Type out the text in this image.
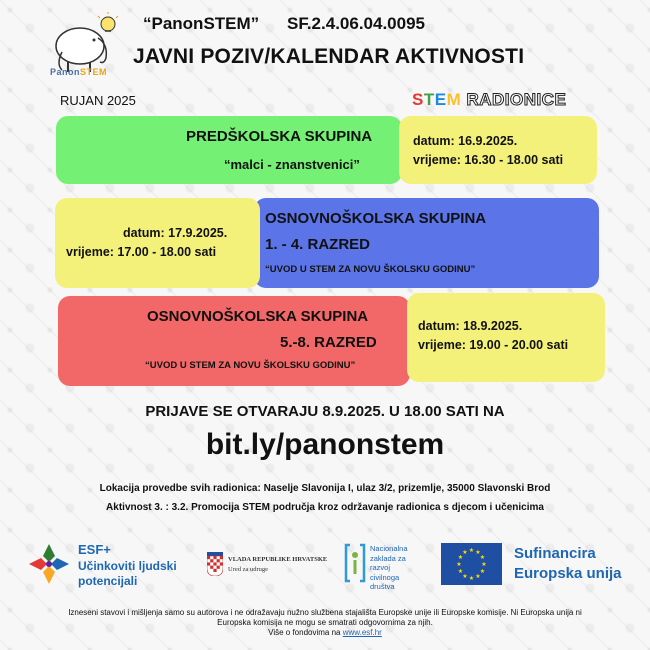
PanonSTEM
“PanonSTEM” SF.2.4.06.04.0095
JAVNI POZIV/KALENDAR AKTIVNOSTI
RUJAN 2025	STEM RADIONICE
PREDŠKOLSKA SKUPINA
“malci - znanstvenici”
datum: 16.9.2025.
vrijeme: 16.30 - 18.00 sati
datum: 17.9.2025.
vrijeme: 17.00 - 18.00 sati
OSNOVNOŠKOLSKA SKUPINA
1. - 4. RAZRED
“UVOD U STEM ZA NOVU ŠKOLSKU GODINU”
OSNOVNOŠKOLSKA SKUPINA
5.-8. RAZRED
“UVOD U STEM ZA NOVU ŠKOLSKU GODINU”
datum: 18.9.2025.
vrijeme: 19.00 - 20.00 sati
PRIJAVE SE OTVARAJU 8.9.2025. U 18.00 SATI NA
bit.ly/panonstem
Lokacija provedbe svih radionica: Naselje Slavonija I, ulaz 3/2, prizemlje, 35000 Slavonski Brod
Aktivnost 3. : 3.2. Promocija STEM područja kroz održavanje radionica s djecom i učenicima
ESF+
Učinkoviti ljudski
potencijali
VLADA REPUBLIKE HRVATSKE
Ured za udruge
Nacionalna
zaklada za
razvoj
civilnoga
društva
★ ★
★
★
★
★
★
★
★
★
★
★	Sufinancira
Europska unija
Izneseni stavovi i mišljenja samo su autorova i ne odražavaju nužno službena stajališta Europske unije ili Europske komisije. Ni Europska unija ni
Europska komisija ne mogu se smatrati odgovornima za njih.
Više o fondovima na www.esf.hr
